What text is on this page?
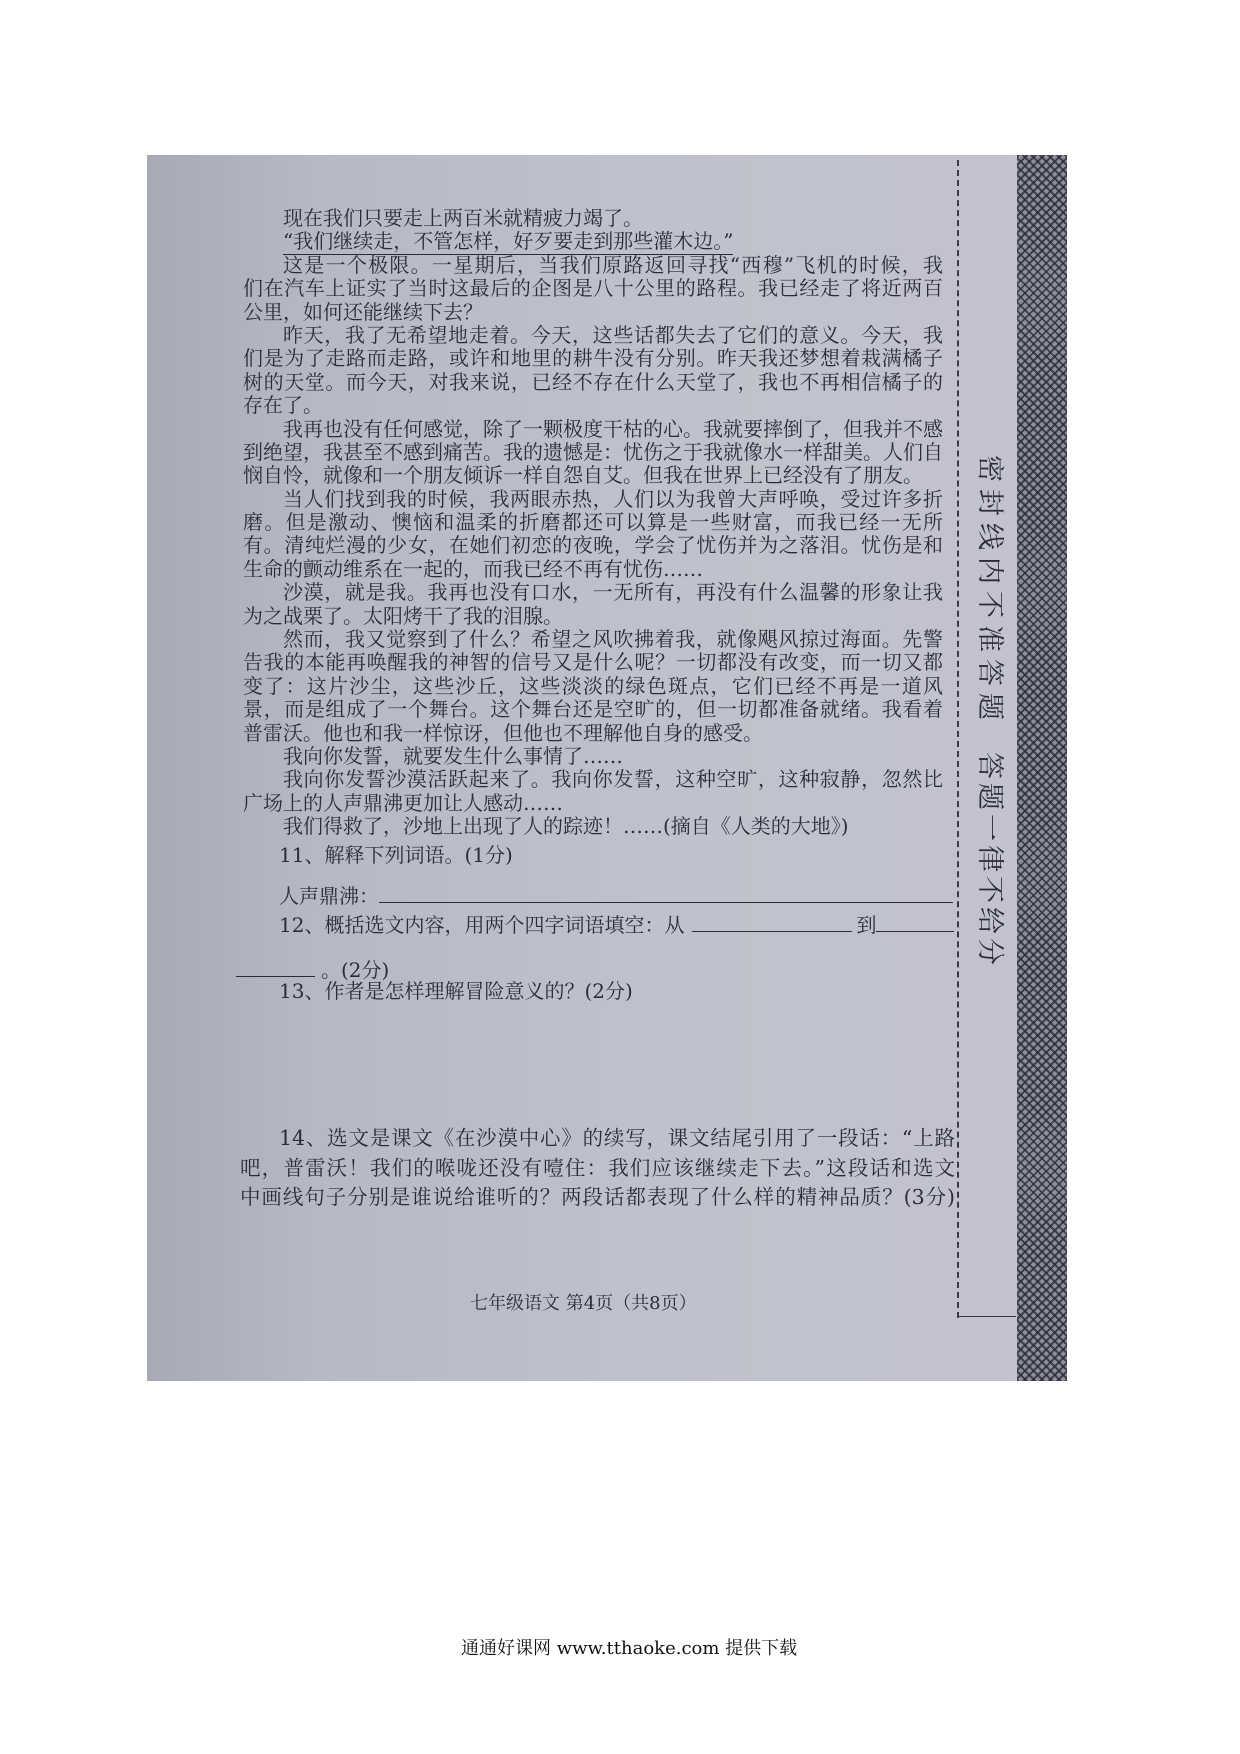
现在我们只要走上两百米就精疲力竭了。
“我们继续走，不管怎样，好歹要走到那些灌木边。”
这是一个极限。一星期后，当我们原路返回寻找“西穆”飞机的时候，我
们在汽车上证实了当时这最后的企图是八十公里的路程。我已经走了将近两百
公里，如何还能继续下去？
昨天，我了无希望地走着。今天，这些话都失去了它们的意义。今天，我
们是为了走路而走路，或许和地里的耕牛没有分别。昨天我还梦想着栽满橘子
树的天堂。而今天，对我来说，已经不存在什么天堂了，我也不再相信橘子的
存在了。
我再也没有任何感觉，除了一颗极度干枯的心。我就要摔倒了，但我并不感
到绝望，我甚至不感到痛苦。我的遗憾是：忧伤之于我就像水一样甜美。人们自
悯自怜，就像和一个朋友倾诉一样自怨自艾。但我在世界上已经没有了朋友。
当人们找到我的时候，我两眼赤热，人们以为我曾大声呼唤，受过许多折
磨。但是激动、懊恼和温柔的折磨都还可以算是一些财富，而我已经一无所
有。清纯烂漫的少女，在她们初恋的夜晚，学会了忧伤并为之落泪。忧伤是和
生命的颤动维系在一起的，而我已经不再有忧伤……
沙漠，就是我。我再也没有口水，一无所有，再没有什么温馨的形象让我
为之战栗了。太阳烤干了我的泪腺。
然而，我又觉察到了什么？希望之风吹拂着我，就像飓风掠过海面。先警
告我的本能再唤醒我的神智的信号又是什么呢？一切都没有改变，而一切又都
变了：这片沙尘，这些沙丘，这些淡淡的绿色斑点，它们已经不再是一道风
景，而是组成了一个舞台。这个舞台还是空旷的，但一切都准备就绪。我看着
普雷沃。他也和我一样惊讶，但他也不理解他自身的感受。
我向你发誓，就要发生什么事情了……
我向你发誓沙漠活跃起来了。我向你发誓，这种空旷，这种寂静，忽然比
广场上的人声鼎沸更加让人感动……
我们得救了，沙地上出现了人的踪迹！……(摘自《人类的大地》)
11、解释下列词语。(1分)
人声鼎沸：
12、概括选文内容，用两个四字词语填空：从	到
。(2分)
13、作者是怎样理解冒险意义的？(2分)
14、选文是课文《在沙漠中心》的续写，课文结尾引用了一段话：“上路
吧，普雷沃！我们的喉咙还没有噎住：我们应该继续走下去。”这段话和选文
中画线句子分别是谁说给谁听的？两段话都表现了什么样的精神品质？(3分)
密封线内不准答题
答题一律不给分
七年级语文 第4页（共8页）
通通好课网 www.tthaoke.com 提供下载
